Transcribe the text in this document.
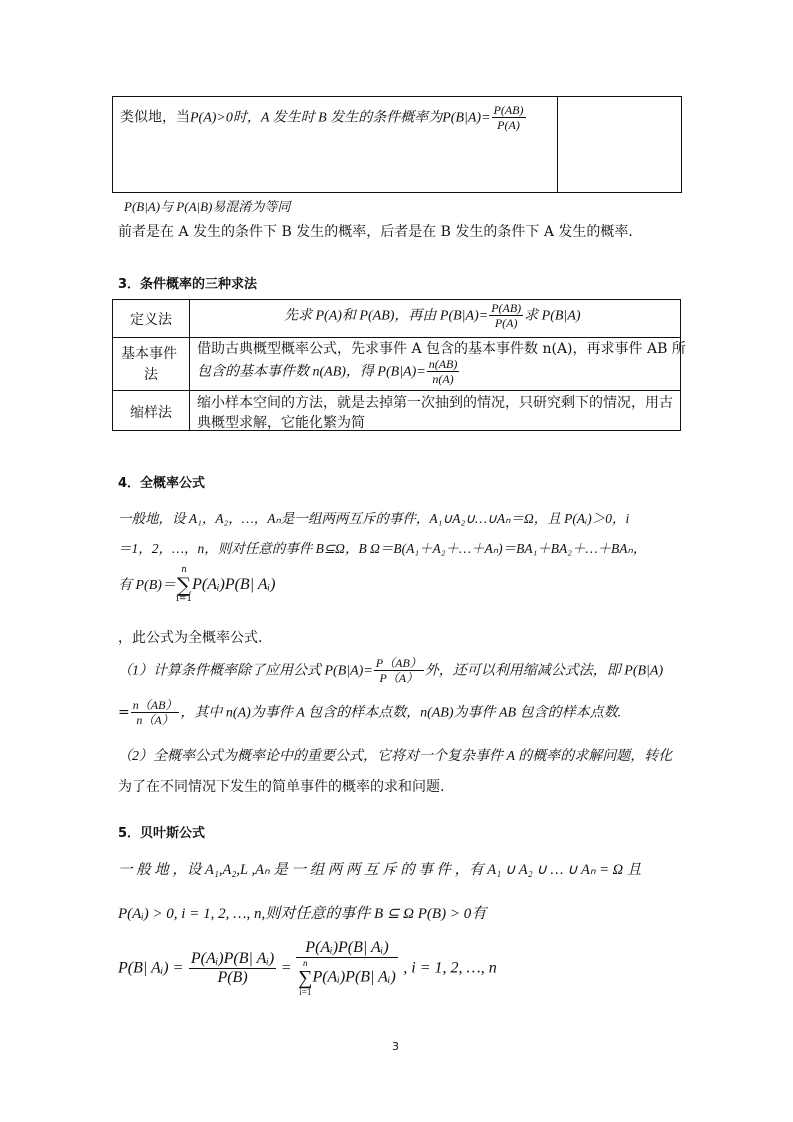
类似地，当P(A)>0时，A 发生时 B 发生的条件概率为$P(B|A)= \frac{P(AB)}{P(A)}$
P(B|A)与 P(A|B)易混淆为等同
前者是在 A 发生的条件下 B 发生的概率，后者是在 B 发生的条件下 A 发生的概率．
3．条件概率的三种求法
定义法	先求 P(A)和 P(AB)，再由 $P(B|A)= \frac{P(AB)}{P(A)}$ 求 P(B|A)
基本事件
法
借助古典概型概率公式，先求事件 A 包含的基本事件数 n(A)，再求事件 AB 所
包含的基本事件数 n(AB)，得 $P(B|A)= \frac{n(AB)}{n(A)}$
缩样法
缩小样本空间的方法，就是去掉第一次抽到的情况，只研究剩下的情况，用古
典概型求解，它能化繁为简
4．全概率公式
一般地，设 A₁，A₂，…，Aₙ是一组两两互斥的事件，A₁∪A₂∪…∪Aₙ＝Ω，且 P(Aᵢ)＞0，i
＝1，2，…，n，则对任意的事件 B⊆Ω，B Ω＝B(A₁＋A₂＋…＋Aₙ)＝BA₁＋BA₂＋…＋BAₙ，
有 P(B)＝
n
∑
i=1
P(Aᵢ)P(B| Aᵢ)
，此公式为全概率公式.
（1）计算条件概率除了应用公式 $P(B|A)= \frac{P(AB)}{P(A)}$ 外，还可以利用缩减公式法，即 P(B|A)
= $\frac{n(AB)}{n(A)}$ ，其中 n(A)为事件 A 包含的样本点数，n(AB)为事件 AB 包含的样本点数.
（2）全概率公式为概率论中的重要公式，它将对一个复杂事件 A 的概率的求解问题，转化
为了在不同情况下发生的简单事件的概率的求和问题.
5．贝叶斯公式
一 般 地 ，设 A₁,A₂,L ,Aₙ 是 一 组 两 两 互 斥 的 事 件 ，有 A₁ ∪ A₂ ∪ … ∪ Aₙ = Ω 且
P(Aᵢ) > 0, i = 1, 2, …, n,则对任意的事件 B ⊆ Ω P(B) > 0有
P(B| Aᵢ) = $\frac{\text{P(Aᵢ)P(B| Aᵢ)}}{P(B)}$ = P(Aᵢ)P(B| Aᵢ)
n
∑
i=1
P(Aᵢ)P(B| Aᵢ) , i = 1, 2, …, n
3
